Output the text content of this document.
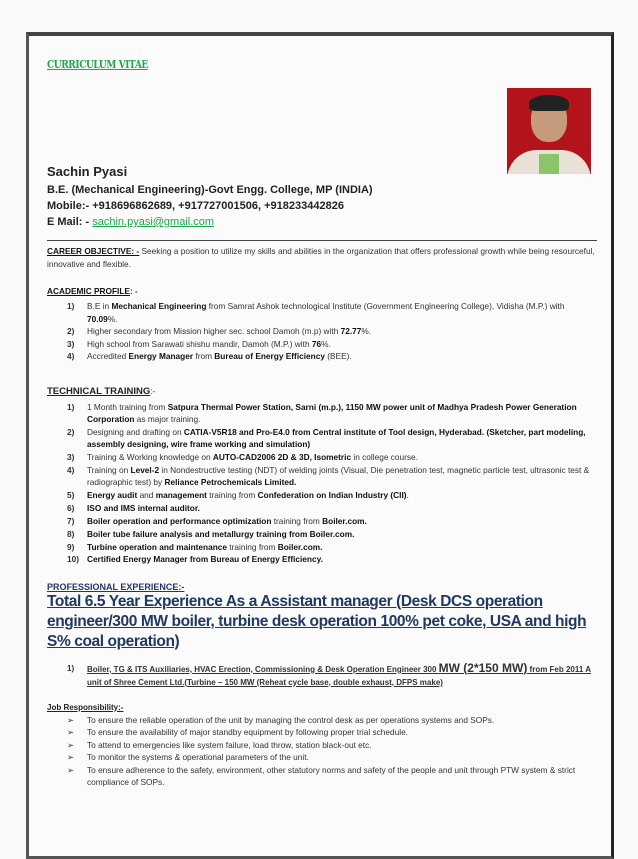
CURRICULUM VITAE
Sachin Pyasi
B.E. (Mechanical Engineering)-Govt Engg. College, MP (INDIA)
Mobile:- +918696862689, +917727001506, +918233442826
E Mail: - sachin.pyasi@gmail.com
CAREER OBJECTIVE: - Seeking a position to utilize my skills and abilities in the organization that offers professional growth while being resourceful, innovative and flexible.
ACADEMIC PROFILE: -
1) B.E in Mechanical Engineering from Samrat Ashok technological Institute (Government Engineering College), Vidisha (M.P.) with 70.09%.
2) Higher secondary from Mission higher sec. school Damoh (m.p) with 72.77%.
3) High school from Sarawati shishu mandir, Damoh (M.P.) with 76%.
4) Accredited Energy Manager from Bureau of Energy Efficiency (BEE).
TECHNICAL TRAINING:-
1) 1 Month training from Satpura Thermal Power Station, Sarni (m.p.), 1150 MW power unit of Madhya Pradesh Power Generation Corporation as major training.
2) Designing and drafting on CATIA-V5R18 and Pro-E4.0 from Central institute of Tool design, Hyderabad. (Sketcher, part modeling, assembly designing, wire frame working and simulation)
3) Training & Working knowledge on AUTO-CAD2006 2D & 3D, Isometric in college course.
4) Training on Level-2 in Nondestructive testing (NDT) of welding joints (Visual, Die penetration test, magnetic particle test, ultrasonic test & radiographic test) by Reliance Petrochemicals Limited.
5) Energy audit and management training from Confederation on Indian Industry (CII).
6) ISO and IMS internal auditor.
7) Boiler operation and performance optimization training from Boiler.com.
8) Boiler tube failure analysis and metallurgy training from Boiler.com.
9) Turbine operation and maintenance training from Boiler.com.
10) Certified Energy Manager from Bureau of Energy Efficiency.
PROFESSIONAL EXPERIENCE:-
Total 6.5 Year Experience As a Assistant manager (Desk DCS operation engineer/300 MW boiler, turbine desk operation 100% pet coke, USA and high S% coal operation)
1) Boiler, TG & ITS Auxiliaries, HVAC Erection, Commissioning & Desk Operation Engineer 300 MW (2*150 MW) from Feb 2011 A unit of Shree Cement Ltd.(Turbine – 150 MW (Reheat cycle base, double exhaust, DFPS make)
Job Responsibility:-
➢ To ensure the reliable operation of the unit by managing the control desk as per operations systems and SOPs.
➢ To ensure the availability of major standby equipment by following proper trial schedule.
➢ To attend to emergencies like system failure, load throw, station black-out etc.
➢ To monitor the systems & operational parameters of the unit.
➢ To ensure adherence to the safety, environment, other statutory norms and safety of the people and unit through PTW system & strict compliance of SOPs.
